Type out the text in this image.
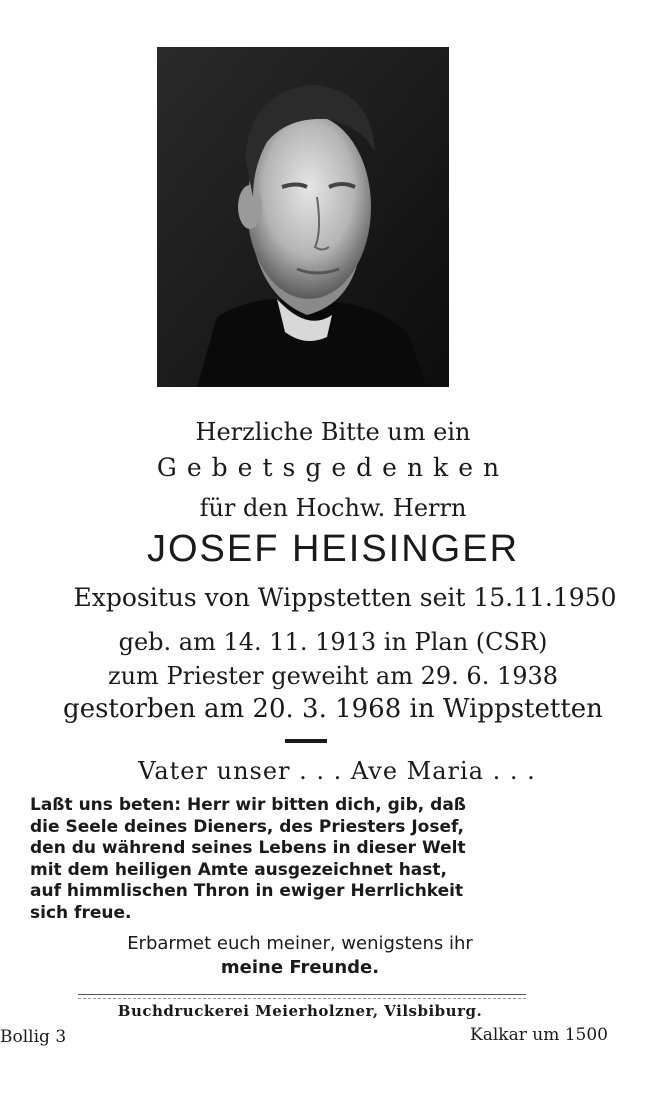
Herzliche Bitte um ein
Gebetsgedenken
für den Hochw. Herrn
JOSEF HEISINGER
Expositus von Wippstetten seit 15.11.1950
geb. am 14. 11. 1913 in Plan (CSR)
zum Priester geweiht am 29. 6. 1938
gestorben am 20. 3. 1968 in Wippstetten
Vater unser . . . Ave Maria . . .
Laßt uns beten: Herr wir bitten dich, gib, daß
die Seele deines Dieners, des Priesters Josef,
den du während seines Lebens in dieser Welt
mit dem heiligen Amte ausgezeichnet hast,
auf himmlischen Thron in ewiger Herrlichkeit
sich freue.
Erbarmet euch meiner, wenigstens ihr
meine Freunde.
Buchdruckerei Meierholzner, Vilsbiburg.
Bollig 3	Kalkar um 1500
